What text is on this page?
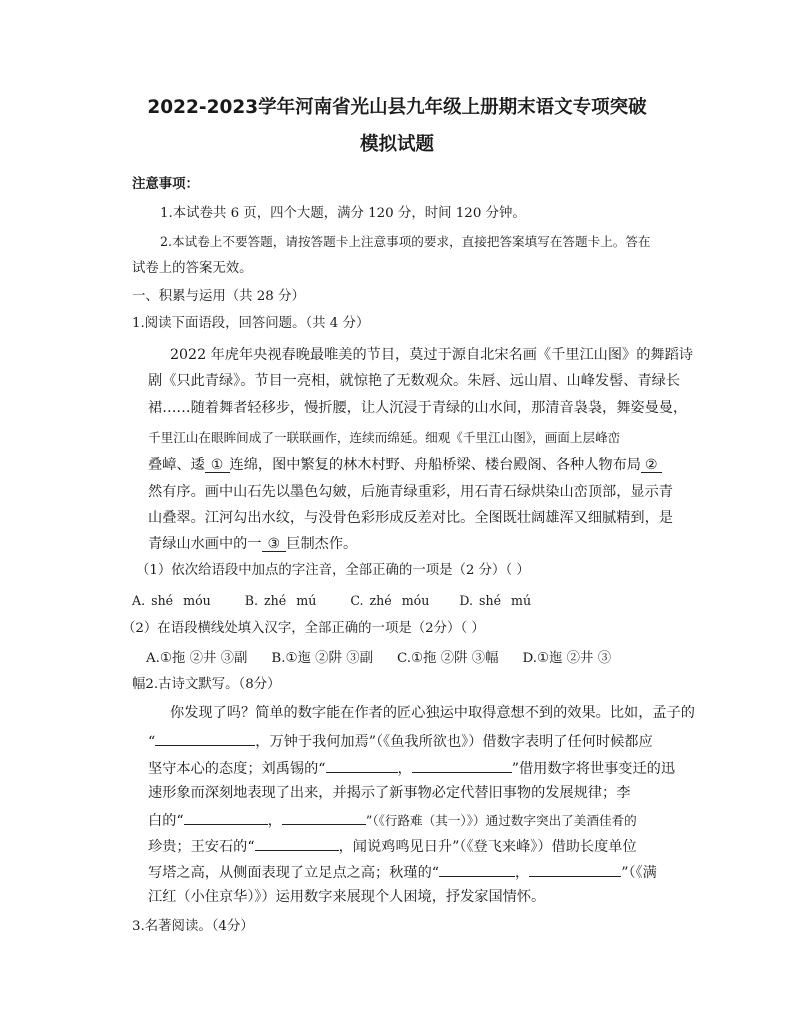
2022-2023学年河南省光山县九年级上册期末语文专项突破
模拟试题
注意事项：
1.本试卷共 6 页，四个大题，满分 120 分，时间 120 分钟。
2.本试卷上不要答题，请按答题卡上注意事项的要求，直接把答案填写在答题卡上。答在
试卷上的答案无效。
一、积累与运用（共 28 分）
1.阅读下面语段，回答问题。（共 4 分）
2022 年虎年央视春晚最唯美的节目，莫过于源自北宋名画《千里江山图》的舞蹈诗
剧《只此青绿》。节目一亮相，就惊艳了无数观众。朱唇、远山眉、山峰发髻、青绿长
裙……随着舞者轻移步，慢折腰，让人沉浸于青绿的山水间，那清音袅袅，舞姿曼曼，
千里江山在眼眸间成了一联联画作，连续而绵延。细观《千里江山图》，画面上层峰峦
叠嶂、逶 ① 连绵，图中繁复的林木村野、舟船桥梁、楼台殿阁、各种人物布局 ②
然有序。画中山石先以墨色勾皴，后施青绿重彩，用石青石绿烘染山峦顶部，显示青
山叠翠。江河勾出水纹，与没骨色彩形成反差对比。全图既壮阔雄浑又细腻精到，是
青绿山水画中的一 ③ 巨制杰作。
（1）依次给语段中加点的字注音，全部正确的一项是（2 分）（ ）
A. shé móu	B. zhé mú	C. zhé móu D. shé mú
（2）在语段横线处填入汉字，全部正确的一项是（2分）（ ）
A.①拖 ②井 ③副 B.①迤 ②阱 ③副 C.①拖 ②阱 ③幅 D.①迤 ②井 ③
幅2.古诗文默写。（8分）
你发现了吗？简单的数字能在作者的匠心独运中取得意想不到的效果。比如，孟子的
“	，万钟于我何加焉”（《鱼我所欲也》）借数字表明了任何时候都应
坚守本心的态度；刘禹锡的“	，	”借用数字将世事变迁的迅
速形象而深刻地表现了出来，并揭示了新事物必定代替旧事物的发展规律；李
白的“	，	”（《行路难（其一）》）通过数字突出了美酒佳肴的
珍贵；王安石的“	，闻说鸡鸣见日升”（《登飞来峰》）借助长度单位
写塔之高，从侧面表现了立足点之高；秋瑾的“	，	”（《满
江红（小住京华）》）运用数字来展现个人困境，抒发家国情怀。
3.名著阅读。（4分）
